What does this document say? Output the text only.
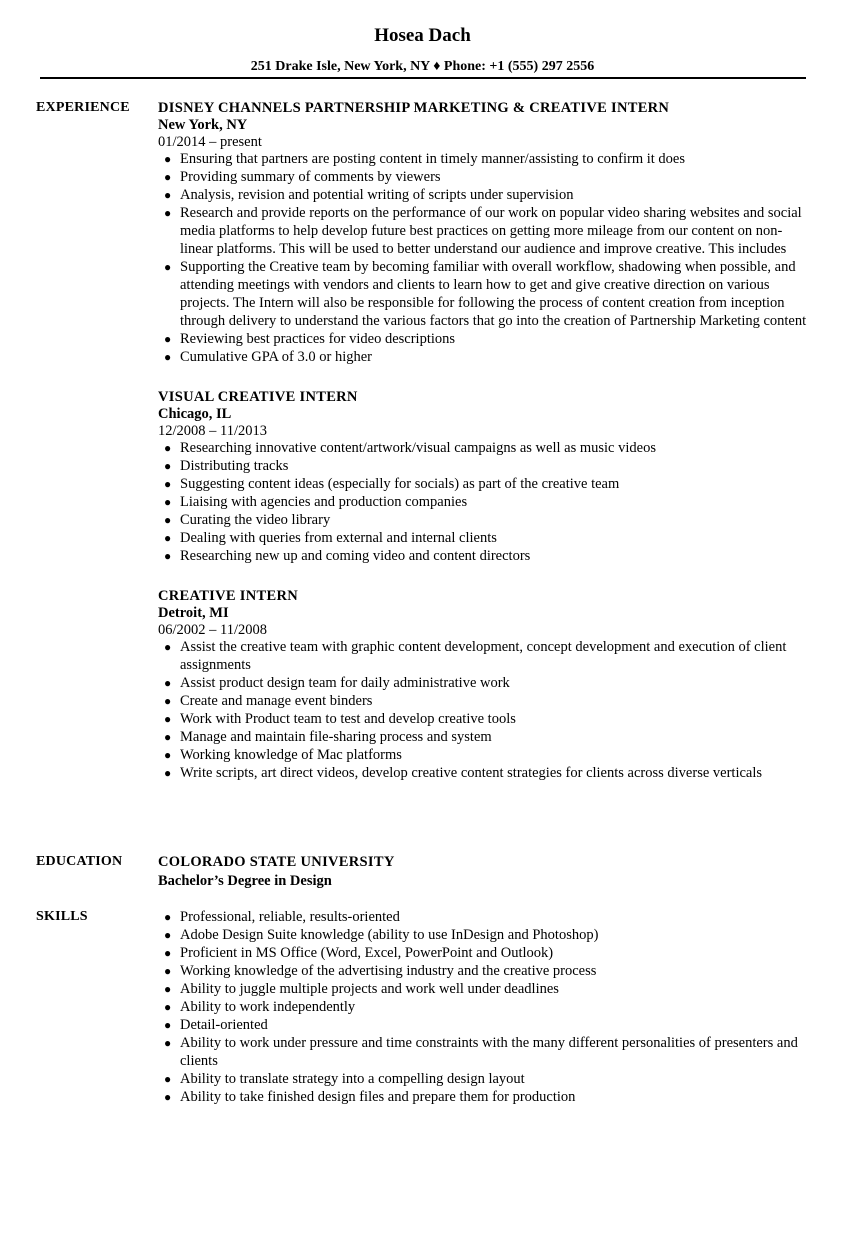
Hosea Dach
251 Drake Isle, New York, NY ♦ Phone: +1 (555) 297 2556
EXPERIENCE	DISNEY CHANNELS PARTNERSHIP MARKETING & CREATIVE INTERN
New York, NY
01/2014 – present
● Ensuring that partners are posting content in timely manner/assisting to confirm it does
● Providing summary of comments by viewers
● Analysis, revision and potential writing of scripts under supervision
● Research and provide reports on the performance of our work on popular video sharing websites and social media platforms to help develop future best practices on getting more mileage from our content on non-linear platforms. This will be used to better understand our audience and improve creative. This includes
● Supporting the Creative team by becoming familiar with overall workflow, shadowing when possible, and attending meetings with vendors and clients to learn how to get and give creative direction on various projects. The Intern will also be responsible for following the process of content creation from inception through delivery to understand the various factors that go into the creation of Partnership Marketing content
● Reviewing best practices for video descriptions
● Cumulative GPA of 3.0 or higher
VISUAL CREATIVE INTERN
Chicago, IL
12/2008 – 11/2013
● Researching innovative content/artwork/visual campaigns as well as music videos
● Distributing tracks
● Suggesting content ideas (especially for socials) as part of the creative team
● Liaising with agencies and production companies
● Curating the video library
● Dealing with queries from external and internal clients
● Researching new up and coming video and content directors
CREATIVE INTERN
Detroit, MI
06/2002 – 11/2008
● Assist the creative team with graphic content development, concept development and execution of client assignments
● Assist product design team for daily administrative work
● Create and manage event binders
● Work with Product team to test and develop creative tools
● Manage and maintain file-sharing process and system
● Working knowledge of Mac platforms
● Write scripts, art direct videos, develop creative content strategies for clients across diverse verticals
EDUCATION	COLORADO STATE UNIVERSITY
Bachelor’s Degree in Design
SKILLS	● Professional, reliable, results-oriented
● Adobe Design Suite knowledge (ability to use InDesign and Photoshop)
● Proficient in MS Office (Word, Excel, PowerPoint and Outlook)
● Working knowledge of the advertising industry and the creative process
● Ability to juggle multiple projects and work well under deadlines
● Ability to work independently
● Detail-oriented
● Ability to work under pressure and time constraints with the many different personalities of presenters and clients
● Ability to translate strategy into a compelling design layout
● Ability to take finished design files and prepare them for production
